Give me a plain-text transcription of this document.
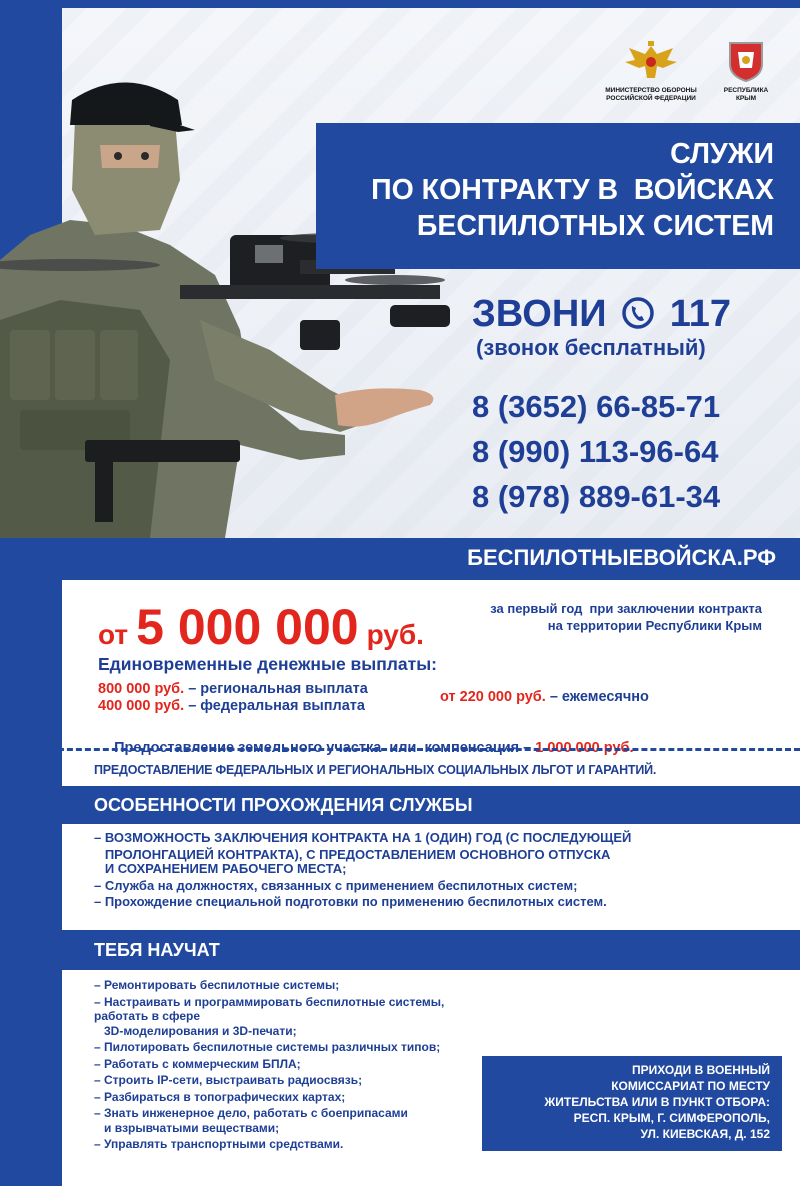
МИНИСТЕРСТВО ОБОРОНЫ
РОССИЙСКОЙ ФЕДЕРАЦИИ
РЕСПУБЛИКА
КРЫМ
СЛУЖИ
ПО КОНТРАКТУ В  ВОЙСКАХ
БЕСПИЛОТНЫХ СИСТЕМ
ЗВОНИ 117
(звонок бесплатный)
8 (3652) 66-85-71
8 (990) 113-96-64
8 (978) 889-61-34
БЕСПИЛОТНЫЕВОЙСКА.РФ
от 5 000 000 руб.
за первый год  при заключении контракта
на территории Республики Крым
Единовременные денежные выплаты:
800 000 руб. – региональная выплата
400 000 руб. – федеральная выплата
от 220 000 руб. – ежемесячно

Предоставление земельного участка  или  компенсация – 1 000 000 руб.

ПРЕДОСТАВЛЕНИЕ ФЕДЕРАЛЬНЫХ И РЕГИОНАЛЬНЫХ СОЦИАЛЬНЫХ ЛЬГОТ И ГАРАНТИЙ.
ОСОБЕННОСТИ ПРОХОЖДЕНИЯ СЛУЖБЫ
– ВОЗМОЖНОСТЬ ЗАКЛЮЧЕНИЯ КОНТРАКТА НА 1 (ОДИН) ГОД (С ПОСЛЕДУЮЩЕЙ
ПРОЛОНГАЦИЕЙ КОНТРАКТА), С ПРЕДОСТАВЛЕНИЕМ ОСНОВНОГО ОТПУСКА
И СОХРАНЕНИЕМ РАБОЧЕГО МЕСТА;
– Служба на должностях, связанных с применением беспилотных систем;
– Прохождение специальной подготовки по применению беспилотных систем.
ТЕБЯ НАУЧАТ
– Ремонтировать беспилотные системы;
– Настраивать и программировать беспилотные системы, работать в сфере
3D-моделирования и 3D-печати;
– Пилотировать беспилотные системы различных типов;
– Работать с коммерческим БПЛА;
– Строить IP-сети, выстраивать радиосвязь;
– Разбираться в топографических картах;
– Знать инженерное дело, работать с боеприпасами
и взрывчатыми веществами;
– Управлять транспортными средствами.
ПРИХОДИ В ВОЕННЫЙ
КОМИССАРИАТ ПО МЕСТУ
ЖИТЕЛЬСТВА ИЛИ В ПУНКТ ОТБОРА:
РЕСП. КРЫМ, Г. СИМФЕРОПОЛЬ,
УЛ. КИЕВСКАЯ, Д. 152
